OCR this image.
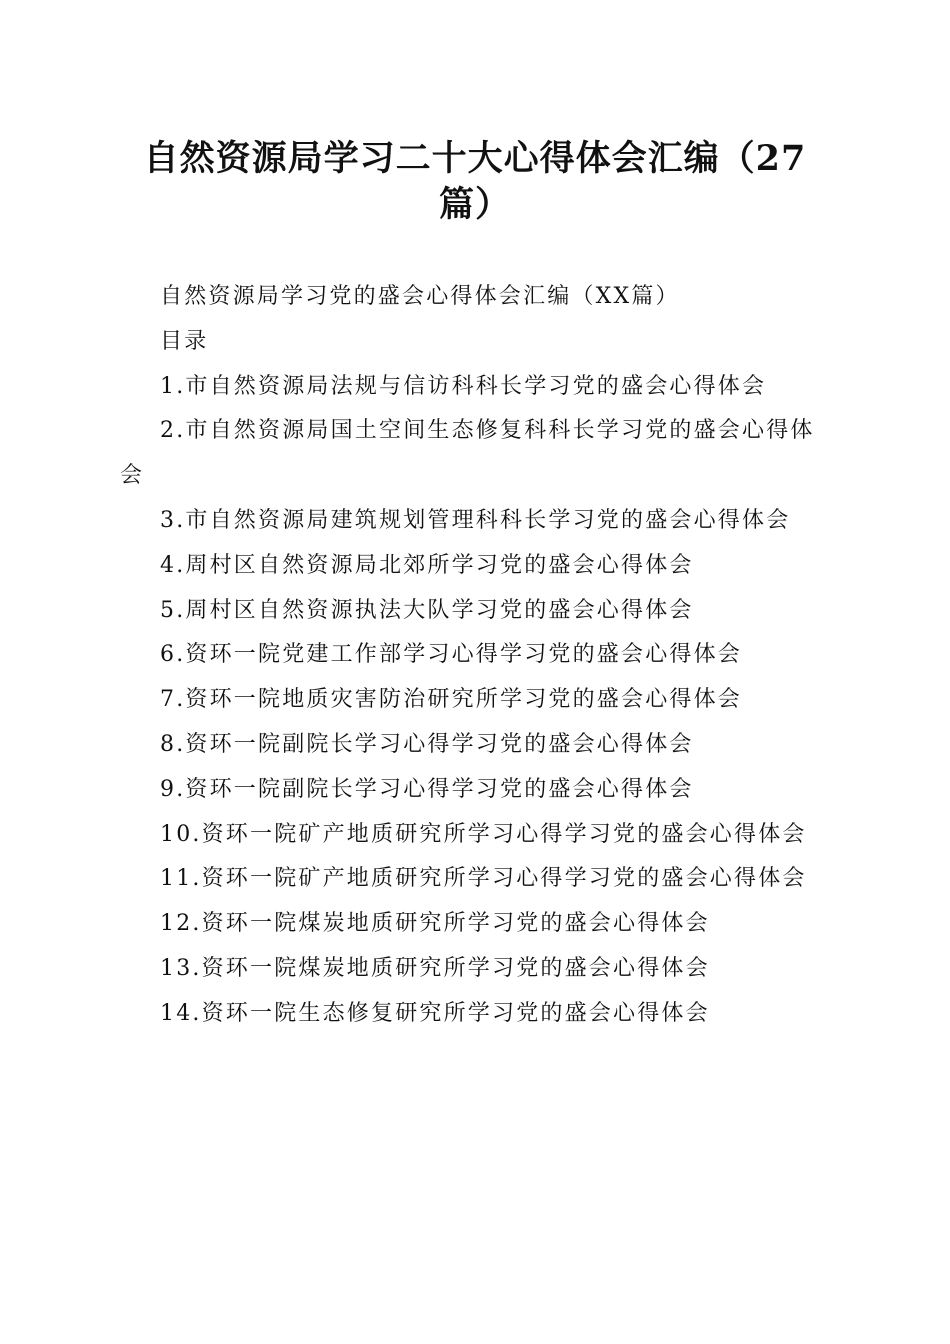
自然资源局学习二十大心得体会汇编（27篇）

自然资源局学习党的盛会心得体会汇编（XX篇）

目录

1.市自然资源局法规与信访科科长学习党的盛会心得体会

2.市自然资源局国土空间生态修复科科长学习党的盛会心得体会

3.市自然资源局建筑规划管理科科长学习党的盛会心得体会

4.周村区自然资源局北郊所学习党的盛会心得体会

5.周村区自然资源执法大队学习党的盛会心得体会

6.资环一院党建工作部学习心得学习党的盛会心得体会

7.资环一院地质灾害防治研究所学习党的盛会心得体会

8.资环一院副院长学习心得学习党的盛会心得体会

9.资环一院副院长学习心得学习党的盛会心得体会

10.资环一院矿产地质研究所学习心得学习党的盛会心得体会

11.资环一院矿产地质研究所学习心得学习党的盛会心得体会

12.资环一院煤炭地质研究所学习党的盛会心得体会

13.资环一院煤炭地质研究所学习党的盛会心得体会

14.资环一院生态修复研究所学习党的盛会心得体会
